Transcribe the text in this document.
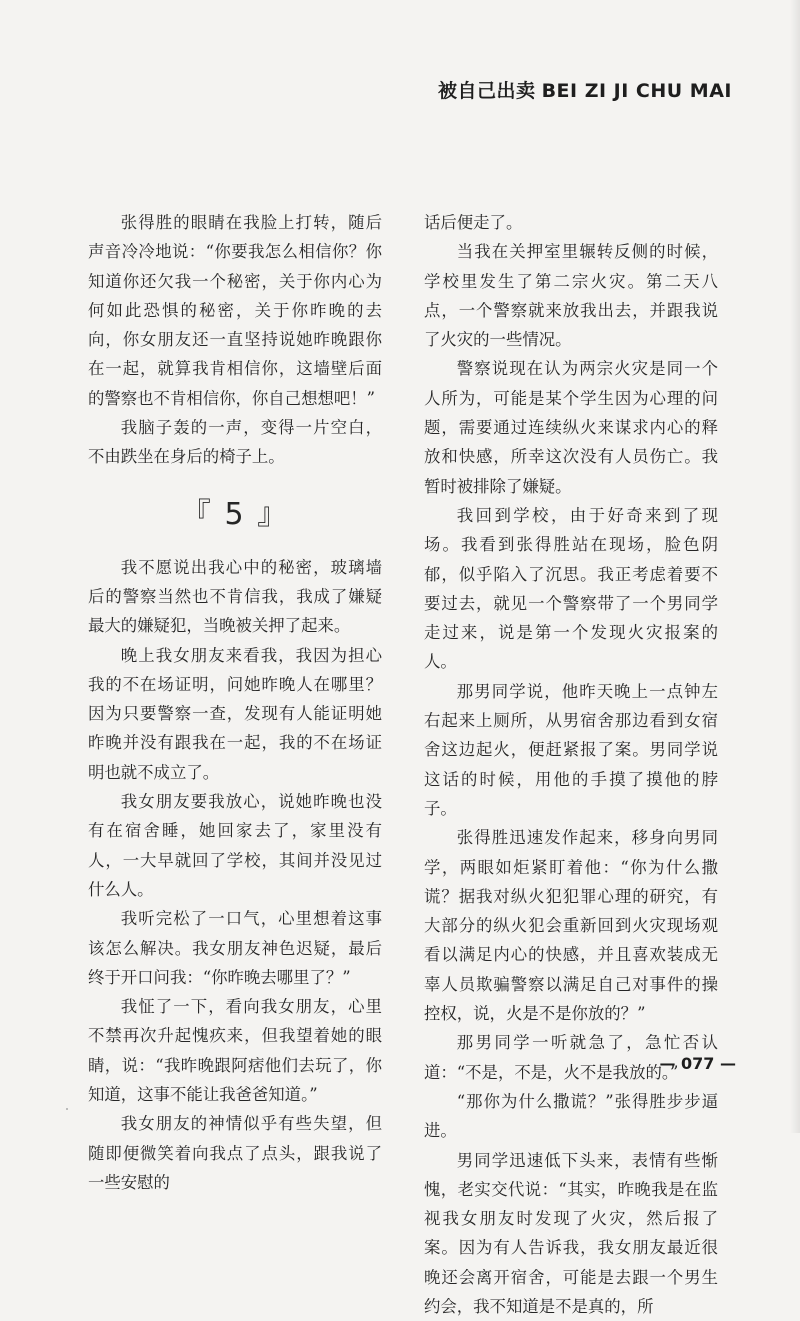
被自己出卖 BEI ZI JI CHU MAI

张得胜的眼睛在我脸上打转，随后声音冷冷地说：“你要我怎么相信你？你知道你还欠我一个秘密，关于你内心为何如此恐惧的秘密，关于你昨晚的去向，你女朋友还一直坚持说她昨晚跟你在一起，就算我肯相信你，这墙壁后面的警察也不肯相信你，你自己想想吧！”

我脑子轰的一声，变得一片空白，不由跌坐在身后的椅子上。

『 5 』

我不愿说出我心中的秘密，玻璃墙后的警察当然也不肯信我，我成了嫌疑最大的嫌疑犯，当晚被关押了起来。

晚上我女朋友来看我，我因为担心我的不在场证明，问她昨晚人在哪里？因为只要警察一查，发现有人能证明她昨晚并没有跟我在一起，我的不在场证明也就不成立了。

我女朋友要我放心，说她昨晚也没有在宿舍睡，她回家去了，家里没有人，一大早就回了学校，其间并没见过什么人。

我听完松了一口气，心里想着这事该怎么解决。我女朋友神色迟疑，最后终于开口问我：“你昨晚去哪里了？”

我怔了一下，看向我女朋友，心里不禁再次升起愧疚来，但我望着她的眼睛，说：“我昨晚跟阿痞他们去玩了，你知道，这事不能让我爸爸知道。”

我女朋友的神情似乎有些失望，但随即便微笑着向我点了点头，跟我说了一些安慰的

话后便走了。

当我在关押室里辗转反侧的时候，学校里发生了第二宗火灾。第二天八点，一个警察就来放我出去，并跟我说了火灾的一些情况。

警察说现在认为两宗火灾是同一个人所为，可能是某个学生因为心理的问题，需要通过连续纵火来谋求内心的释放和快感，所幸这次没有人员伤亡。我暂时被排除了嫌疑。

我回到学校，由于好奇来到了现场。我看到张得胜站在现场，脸色阴郁，似乎陷入了沉思。我正考虑着要不要过去，就见一个警察带了一个男同学走过来，说是第一个发现火灾报案的人。

那男同学说，他昨天晚上一点钟左右起来上厕所，从男宿舍那边看到女宿舍这边起火，便赶紧报了案。男同学说这话的时候，用他的手摸了摸他的脖子。

张得胜迅速发作起来，移身向男同学，两眼如炬紧盯着他：“你为什么撒谎？据我对纵火犯犯罪心理的研究，有大部分的纵火犯会重新回到火灾现场观看以满足内心的快感，并且喜欢装成无辜人员欺骗警察以满足自己对事件的操控权，说，火是不是你放的？”

那男同学一听就急了，急忙否认道：“不是，不是，火不是我放的。”

“那你为什么撒谎？”张得胜步步逼进。

男同学迅速低下头来，表情有些惭愧，老实交代说：“其实，昨晚我是在监视我女朋友时发现了火灾，然后报了案。因为有人告诉我，我女朋友最近很晚还会离开宿舍，可能是去跟一个男生约会，我不知道是不是真的，所

— 077 —
